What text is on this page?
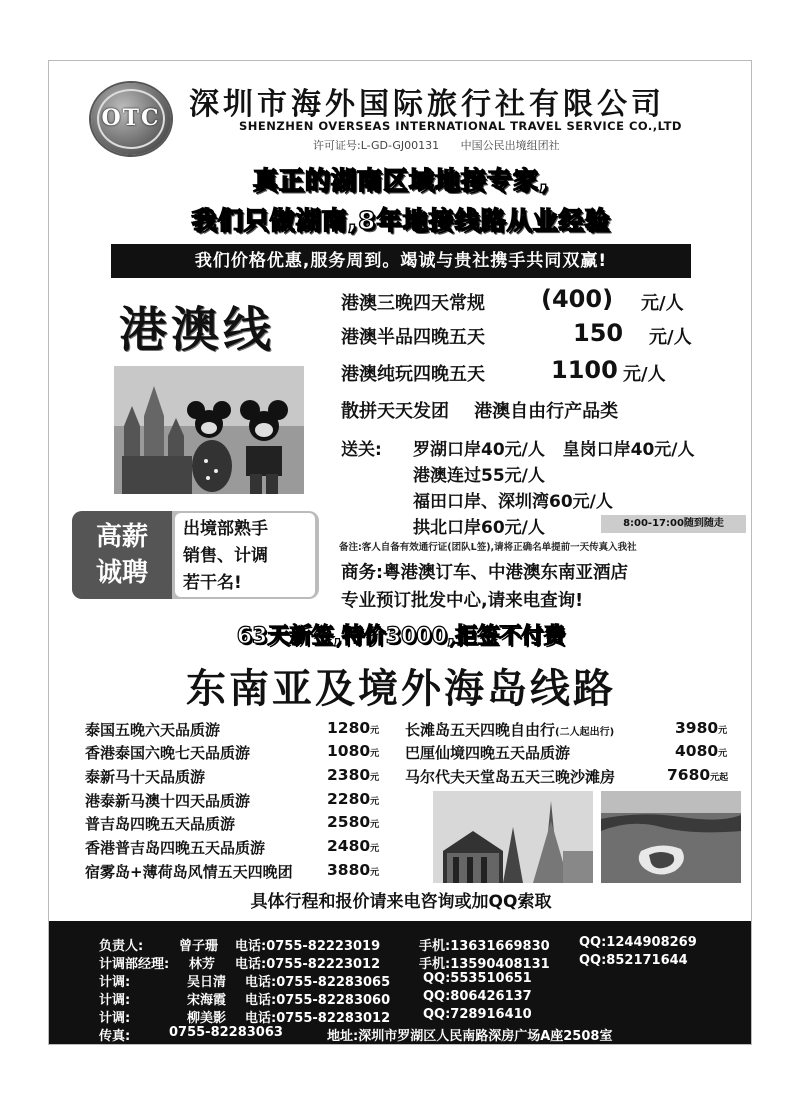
OTC 深圳市海外国际旅行社有限公司
SHENZHEN OVERSEAS INTERNATIONAL TRAVEL SERVICE CO.,LTD
许可证号:L-GD-GJ00131 中国公民出境组团社
真正的湖南区域地接专家,
我们只做湖南,8年地接线路从业经验
我们价格优惠,服务周到。竭诚与贵社携手共同双赢!
港澳线	港澳三晚四天常规 (400) 元/人
港澳半品四晚五天	150 元/人
港澳纯玩四晚五天	1100 元/人
散拼天天发团    港澳自由行产品类
送关: 罗湖口岸40元/人   皇岗口岸40元/人
港澳连过55元/人
福田口岸、深圳湾60元/人
拱北口岸60元/人	8:00-17:00随到随走
备注:客人自备有效通行证(团队L签),请将正确名单提前一天传真入我社
高薪
诚聘
出境部熟手
销售、计调
若干名!	商务:粤港澳订车、中港澳东南亚酒店
专业预订批发中心,请来电查询!
63天新签,特价3000,拒签不付费
东南亚及境外海岛线路
泰国五晚六天品质游	1280元
香港泰国六晚七天品质游	1080元
泰新马十天品质游	2380元
港泰新马澳十四天品质游	2280元
普吉岛四晚五天品质游	2580元
香港普吉岛四晚五天品质游	2480元
宿雾岛+薄荷岛风情五天四晚团 3880元
长滩岛五天四晚自由行(二人起出行)	3980元
巴厘仙境四晚五天品质游	4080元
马尔代夫天堂岛五天三晚沙滩房	7680元起
具体行程和报价请来电咨询或加QQ索取
负责人:	曾子珊 电话:0755-82223019	手机:13631669830 QQ:1244908269
计调部经理: 林芳 电话:0755-82223012	手机:13590408131 QQ:852171644
计调:	吴日清 电话:0755-82283065	QQ:553510651
计调:	宋海霞 电话:0755-82283060	QQ:806426137
计调:	柳美影 电话:0755-82283012	QQ:728916410
传真:	0755-82283063	地址:深圳市罗湖区人民南路深房广场A座2508室
